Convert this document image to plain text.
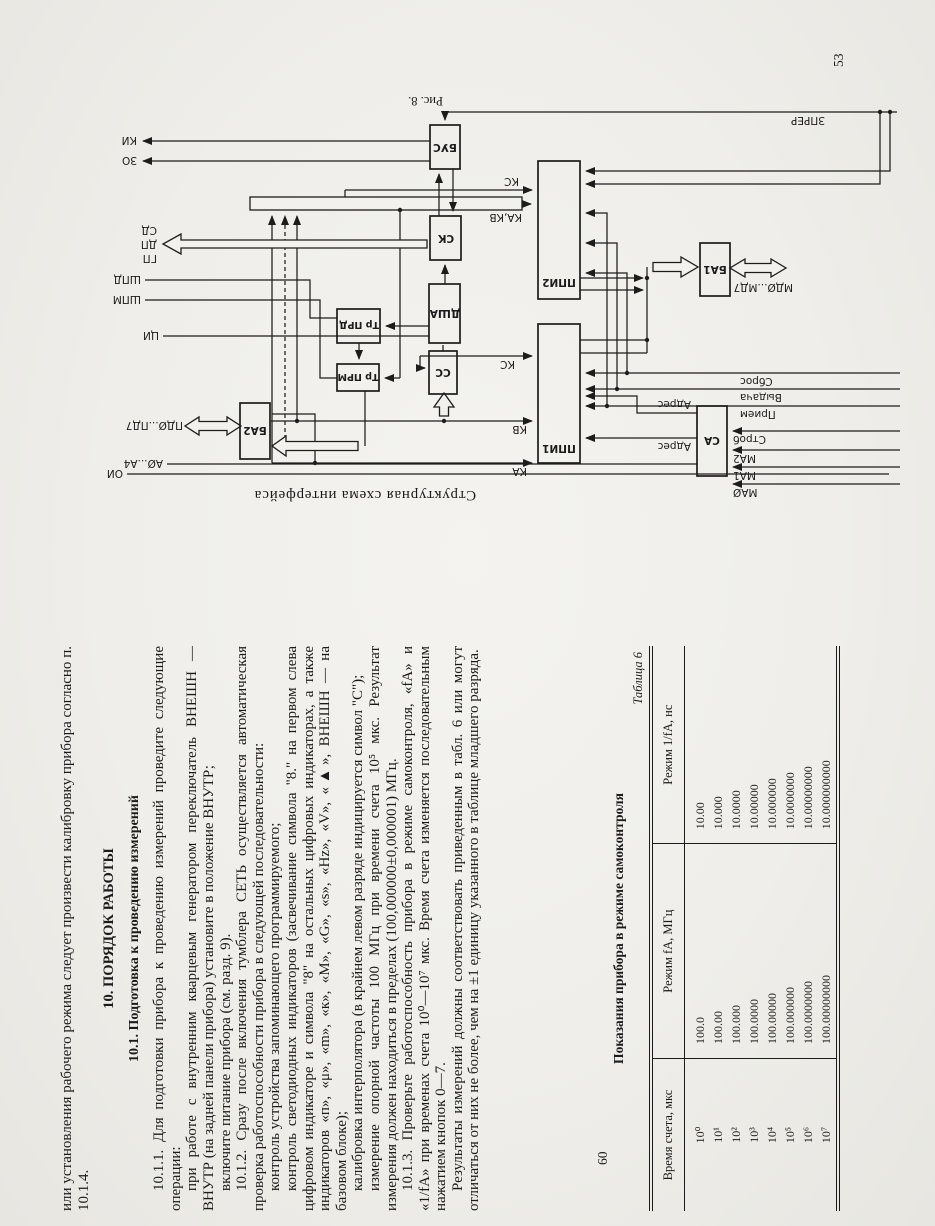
Структурная схема интерфейса
ППИ1
ППИ2
СА
БА1
БА2
СС
ДША
СК
БУС
Тр ПРМ
Тр ПРД
МАØ
МА1
МА2
Строб
Прием
Выдача
Сброс
Адрес
Адрес
ЗПРЕР
МДØ...МД7
КА
КВ
КС
КС
КА,КВ
КИ
ЗО
ГП
ДП
СД
ЦИ
ШПМ
ШПД
ПДØ...ПД7
АØ...А4
ОИ
Рис. 8.
53

или установления рабочего режима следует произвести калибровку прибора согласно п. 10.1.4.

10. ПОРЯДОК РАБОТЫ 10.1. Подготовка к проведению измерений 10.1.1. Для подготовки прибора к проведению измерений проведите следующие операции: при работе с внутренним кварцевым генератором переключатель ВНЕШН — ВНУТР (на задней панели прибора) установите в положение ВНУТР; включите питание прибора (см. разд. 9). 10.1.2. Сразу после включения тумблера СЕТЬ осуществляется автоматическая проверка работоспособности прибора в следующей последовательности: контроль устройства запоминающего программируемого; контроль светодиодных индикаторов (засвечивание символа "8." на первом слева цифровом индикаторе и символа "8" на остальных цифровых индикаторах, а также индикаторов «п», «μ», «m», «к», «М», «G», «s», «Hz», «V», «▲», ВНЕШН — на базовом блоке); калибровка интерполятора (в крайнем левом разряде индицируется символ "С"); измерение опорной частоты 100 МГц при времени счета 10⁵ мкс. Результат измерения должен находиться в пределах (100,000000±0,000001) МГц. 10.1.3. Проверьте работоспособность прибора в режиме самоконтроля, «fА» и «1/fА» при временах счета 10⁰—10⁷ мкс. Время счета изменяется последовательным нажатием кнопок 0—7. Результаты измерений должны соответствовать приведенным в табл. 6 или могут отличаться от них не более, чем на ±1 единицу указанного в таблице младшего разряда.	Показания прибора в режиме самоконтроля
Таблица 6
Время счета, мкс	Режим fА, МГц	Режим 1/fА, нс
10⁰	100.0	10.00
10¹	100.00	10.000
10²	100.000	10.0000
10³	100.0000	10.00000
10⁴	100.00000	10.000000
10⁵	100.000000	10.0000000
10⁶	100.0000000	10.00000000
10⁷	100.00000000	10.000000000
60
